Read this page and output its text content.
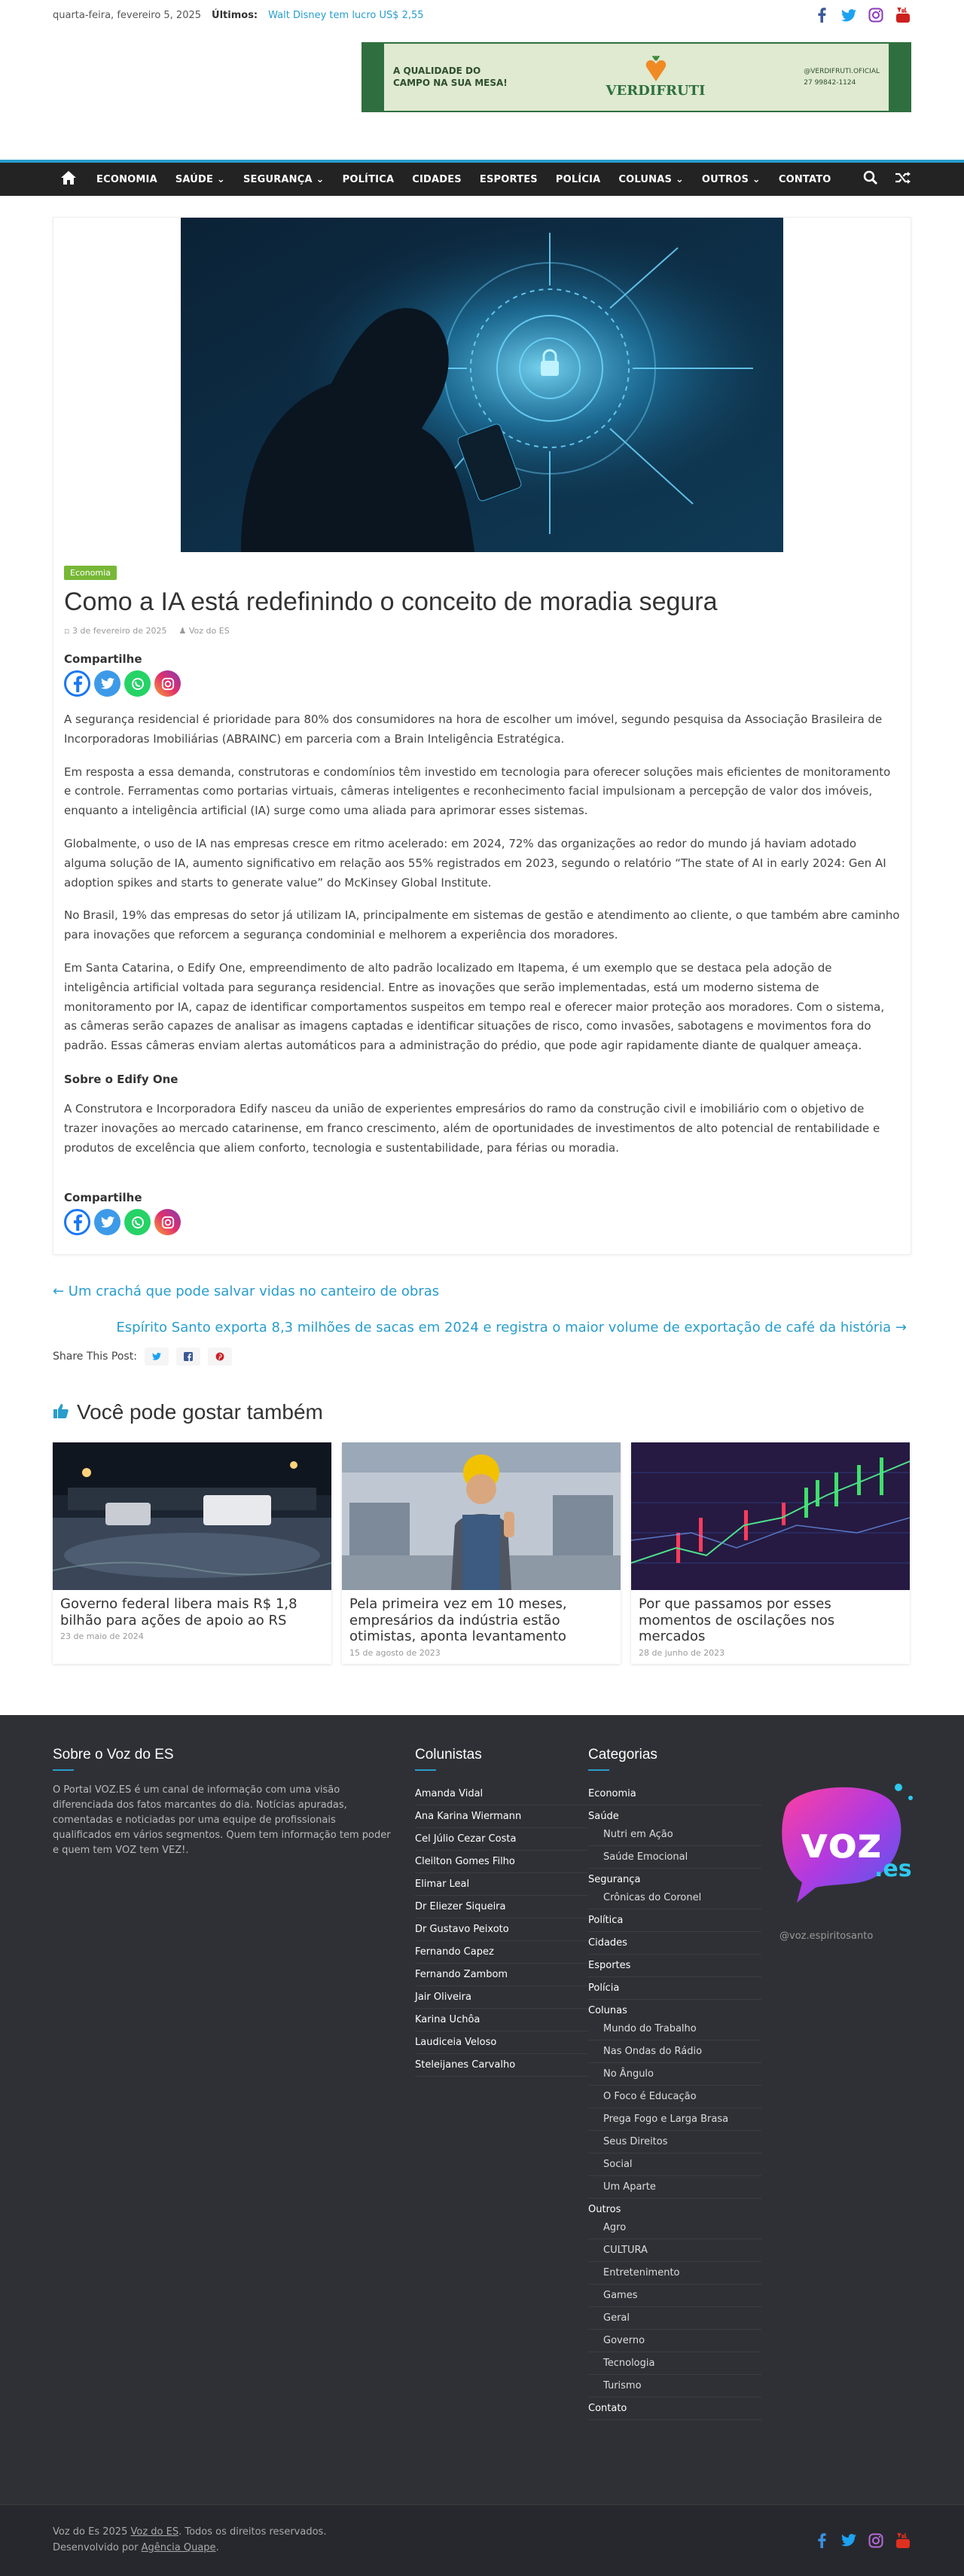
quarta-feira, fevereiro 5, 2025 Últimos: Walt Disney tem lucro US$ 2,55
A QUALIDADE DO
CAMPO NA SUA MESA!
VERDIFRUTI
@VERDIFRUTI.OFICIAL
27 99842-1124
ECONOMIA	SAÚDE ⌄	SEGURANÇA ⌄	POLÍTICA	CIDADES	ESPORTES	POLÍCIA	COLUNAS ⌄	OUTROS ⌄	CONTATO
Economia
Como a IA está redefinindo o conceito de moradia segura
▫ 3 de fevereiro de 2025 ♟ Voz do ES
Compartilhe

A segurança residencial é prioridade para 80% dos consumidores na hora de escolher um imóvel, segundo pesquisa da Associação Brasileira de Incorporadoras Imobiliárias (ABRAINC) em parceria com a Brain Inteligência Estratégica.

Em resposta a essa demanda, construtoras e condomínios têm investido em tecnologia para oferecer soluções mais eficientes de monitoramento e controle. Ferramentas como portarias virtuais, câmeras inteligentes e reconhecimento facial impulsionam a percepção de valor dos imóveis, enquanto a inteligência artificial (IA) surge como uma aliada para aprimorar esses sistemas.

Globalmente, o uso de IA nas empresas cresce em ritmo acelerado: em 2024, 72% das organizações ao redor do mundo já haviam adotado alguma solução de IA, aumento significativo em relação aos 55% registrados em 2023, segundo o relatório “The state of AI in early 2024: Gen AI adoption spikes and starts to generate value” do McKinsey Global Institute.

No Brasil, 19% das empresas do setor já utilizam IA, principalmente em sistemas de gestão e atendimento ao cliente, o que também abre caminho para inovações que reforcem a segurança condominial e melhorem a experiência dos moradores.

Em Santa Catarina, o Edify One, empreendimento de alto padrão localizado em Itapema, é um exemplo que se destaca pela adoção de inteligência artificial voltada para segurança residencial. Entre as inovações que serão implementadas, está um moderno sistema de monitoramento por IA, capaz de identificar comportamentos suspeitos em tempo real e oferecer maior proteção aos moradores. Com o sistema, as câmeras serão capazes de analisar as imagens captadas e identificar situações de risco, como invasões, sabotagens e movimentos fora do padrão. Essas câmeras enviam alertas automáticos para a administração do prédio, que pode agir rapidamente diante de qualquer ameaça.

Sobre o Edify One

A Construtora e Incorporadora Edify nasceu da união de experientes empresários do ramo da construção civil e imobiliário com o objetivo de trazer inovações ao mercado catarinense, em franco crescimento, além de oportunidades de investimentos de alto potencial de rentabilidade e produtos de excelência que aliem conforto, tecnologia e sustentabilidade, para férias ou moradia.

Compartilhe
← Um crachá que pode salvar vidas no canteiro de obras
Espírito Santo exporta 8,3 milhões de sacas em 2024 e registra o maior volume de exportação de café da história →
Share This Post:
Você pode gostar também
Governo federal libera mais R$ 1,8 bilhão para ações de apoio ao RS
23 de maio de 2024
Pela primeira vez em 10 meses, empresários da indústria estão otimistas, aponta levantamento
15 de agosto de 2023
Por que passamos por esses momentos de oscilações nos mercados
28 de junho de 2023
Sobre o Voz do ES

O Portal VOZ.ES é um canal de informação com uma visão diferenciada dos fatos marcantes do dia. Notícias apuradas, comentadas e noticiadas por uma equipe de profissionais qualificados em vários segmentos. Quem tem informação tem poder e quem tem VOZ tem VEZ!.

Colunistas
Amanda Vidal
Ana Karina Wiermann
Cel Júlio Cezar Costa
Cleilton Gomes Filho
Elimar Leal
Dr Eliezer Siqueira
Dr Gustavo Peixoto
Fernando Capez
Fernando Zambom
Jair Oliveira
Karina Uchôa
Laudiceia Veloso
Steleijanes Carvalho
Categorias
Economia
Saúde
Nutri em Ação
Saúde Emocional
Segurança
Crônicas do Coronel
Política
Cidades
Esportes
Polícia
Colunas
Mundo do Trabalho
Nas Ondas do Rádio
No Ângulo
O Foco é Educação
Prega Fogo e Larga Brasa
Seus Direitos
Social
Um Aparte
Outros
Agro
CULTURA
Entretenimento
Games
Geral
Governo
Tecnologia
Turismo
Contato
voz
.es
@voz.espiritosanto
Voz do Es 2025 Voz do ES. Todos os direitos reservados.
Desenvolvido por Agência Quape.
